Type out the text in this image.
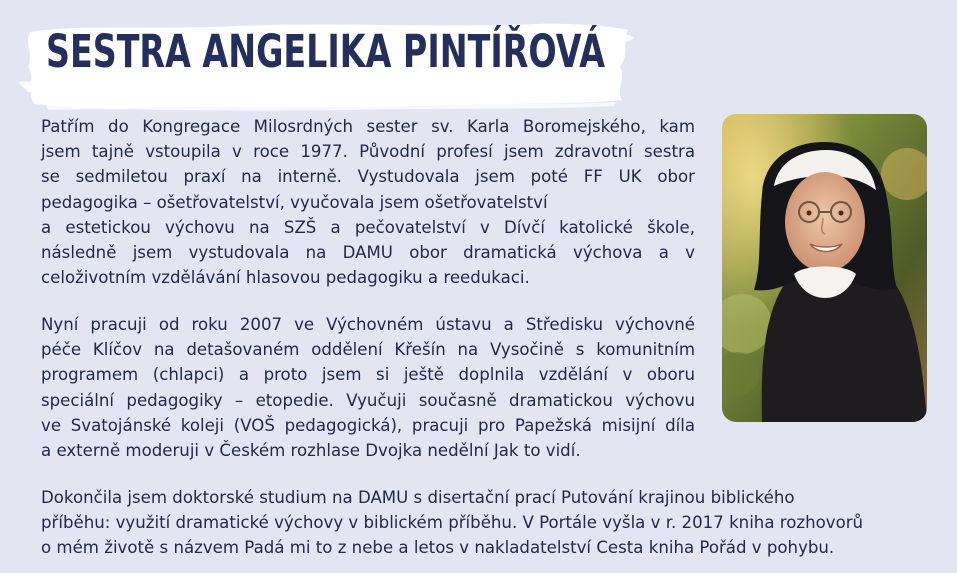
SESTRA ANGELIKA PINTÍŘOVÁ
Patřím do Kongregace Milosrdných sester sv. Karla Boromejského, kam
jsem tajně vstoupila v roce 1977. Původní profesí jsem zdravotní sestra
se sedmiletou praxí na interně. Vystudovala jsem poté FF UK obor
pedagogika – ošetřovatelství, vyučovala jsem ošetřovatelství
a estetickou výchovu na SZŠ a pečovatelství v Dívčí katolické škole,
následně jsem vystudovala na DAMU obor dramatická výchova a v
celoživotním vzdělávání hlasovou pedagogiku a reedukaci.
Nyní pracuji od roku 2007 ve Výchovném ústavu a Středisku výchovné
péče Klíčov na detašovaném oddělení Křešín na Vysočině s komunitním
programem (chlapci) a proto jsem si ještě doplnila vzdělání v oboru
speciální pedagogiky – etopedie. Vyučuji současně dramatickou výchovu
ve Svatojánské koleji (VOŠ pedagogická), pracuji pro Papežská misijní díla
a externě moderuji v Českém rozhlase Dvojka nedělní Jak to vidí.
Dokončila jsem doktorské studium na DAMU s disertační prací Putování krajinou biblického
příběhu: využití dramatické výchovy v biblickém příběhu. V Portále vyšla v r. 2017 kniha rozhovorů
o mém životě s názvem Padá mi to z nebe a letos v nakladatelství Cesta kniha Pořád v pohybu.
